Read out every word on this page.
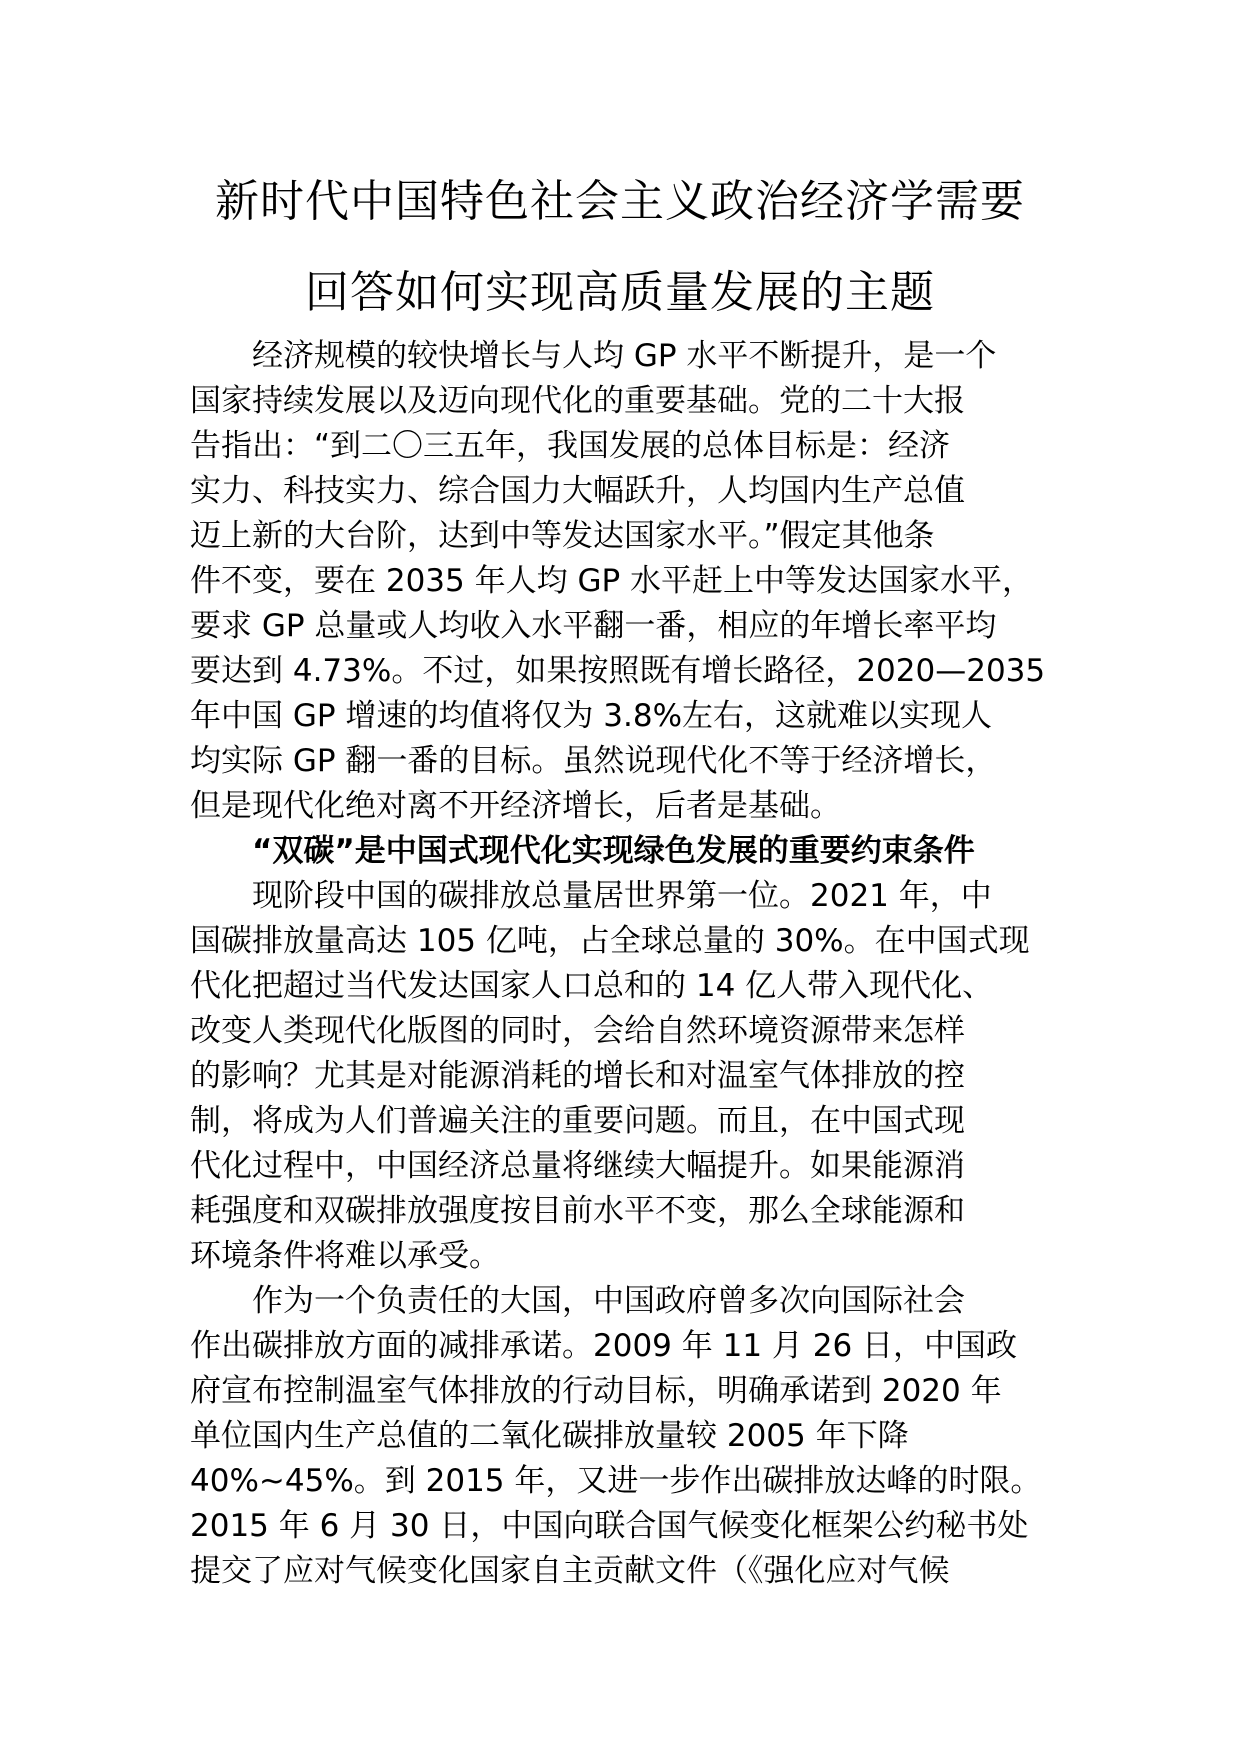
新时代中国特色社会主义政治经济学需要
回答如何实现高质量发展的主题
　　经济规模的较快增长与人均 GP 水平不断提升，是一个
国家持续发展以及迈向现代化的重要基础。党的二十大报
告指出：“到二〇三五年，我国发展的总体目标是：经济
实力、科技实力、综合国力大幅跃升，人均国内生产总值
迈上新的大台阶，达到中等发达国家水平。”假定其他条
件不变，要在 2035 年人均 GP 水平赶上中等发达国家水平，
要求 GP 总量或人均收入水平翻一番，相应的年增长率平均
要达到 4.73%。不过，如果按照既有增长路径，2020—2035
年中国 GP 增速的均值将仅为 3.8%左右，这就难以实现人
均实际 GP 翻一番的目标。虽然说现代化不等于经济增长，
但是现代化绝对离不开经济增长，后者是基础。
　　“双碳”是中国式现代化实现绿色发展的重要约束条件
　　现阶段中国的碳排放总量居世界第一位。2021 年，中
国碳排放量高达 105 亿吨，占全球总量的 30%。在中国式现
代化把超过当代发达国家人口总和的 14 亿人带入现代化、
改变人类现代化版图的同时，会给自然环境资源带来怎样
的影响？尤其是对能源消耗的增长和对温室气体排放的控
制，将成为人们普遍关注的重要问题。而且，在中国式现
代化过程中，中国经济总量将继续大幅提升。如果能源消
耗强度和双碳排放强度按目前水平不变，那么全球能源和
环境条件将难以承受。
　　作为一个负责任的大国，中国政府曾多次向国际社会
作出碳排放方面的减排承诺。2009 年 11 月 26 日，中国政
府宣布控制温室气体排放的行动目标，明确承诺到 2020 年
单位国内生产总值的二氧化碳排放量较 2005 年下降
40%~45%。到 2015 年，又进一步作出碳排放达峰的时限。
2015 年 6 月 30 日，中国向联合国气候变化框架公约秘书处
提交了应对气候变化国家自主贡献文件（《强化应对气候
